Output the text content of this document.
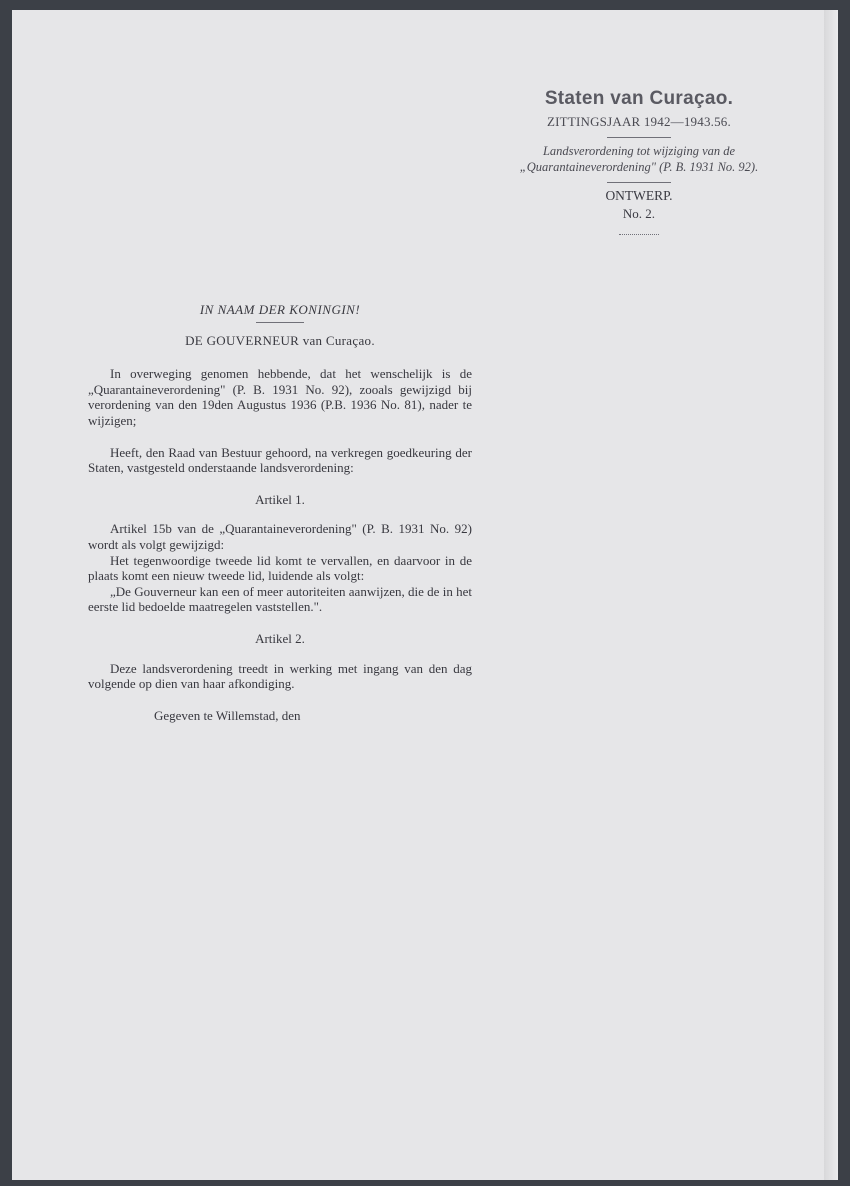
Staten van Curaçao.
ZITTINGSJAAR 1942—1943.56.
Landsverordening tot wijziging van de „Quarantaineverordening" (P. B. 1931 No. 92).
ONTWERP.
No. 2.
IN NAAM DER KONINGIN!
DE GOUVERNEUR van Curaçao.

In overweging genomen hebbende, dat het wenschelijk is de „Quarantaineverordening" (P. B. 1931 No. 92), zooals gewijzigd bij verordening van den 19den Augustus 1936 (P.B. 1936 No. 81), nader te wijzigen;

Heeft, den Raad van Bestuur gehoord, na verkregen goedkeuring der Staten, vastgesteld onderstaande landsverordening:

Artikel 1.

Artikel 15b van de „Quarantaineverordening" (P. B. 1931 No. 92) wordt als volgt gewijzigd:

Het tegenwoordige tweede lid komt te vervallen, en daarvoor in de plaats komt een nieuw tweede lid, luidende als volgt:

„De Gouverneur kan een of meer autoriteiten aanwijzen, die de in het eerste lid bedoelde maatregelen vaststellen.".

Artikel 2.

Deze landsverordening treedt in werking met ingang van den dag volgende op dien van haar afkondiging.

Gegeven te Willemstad, den
